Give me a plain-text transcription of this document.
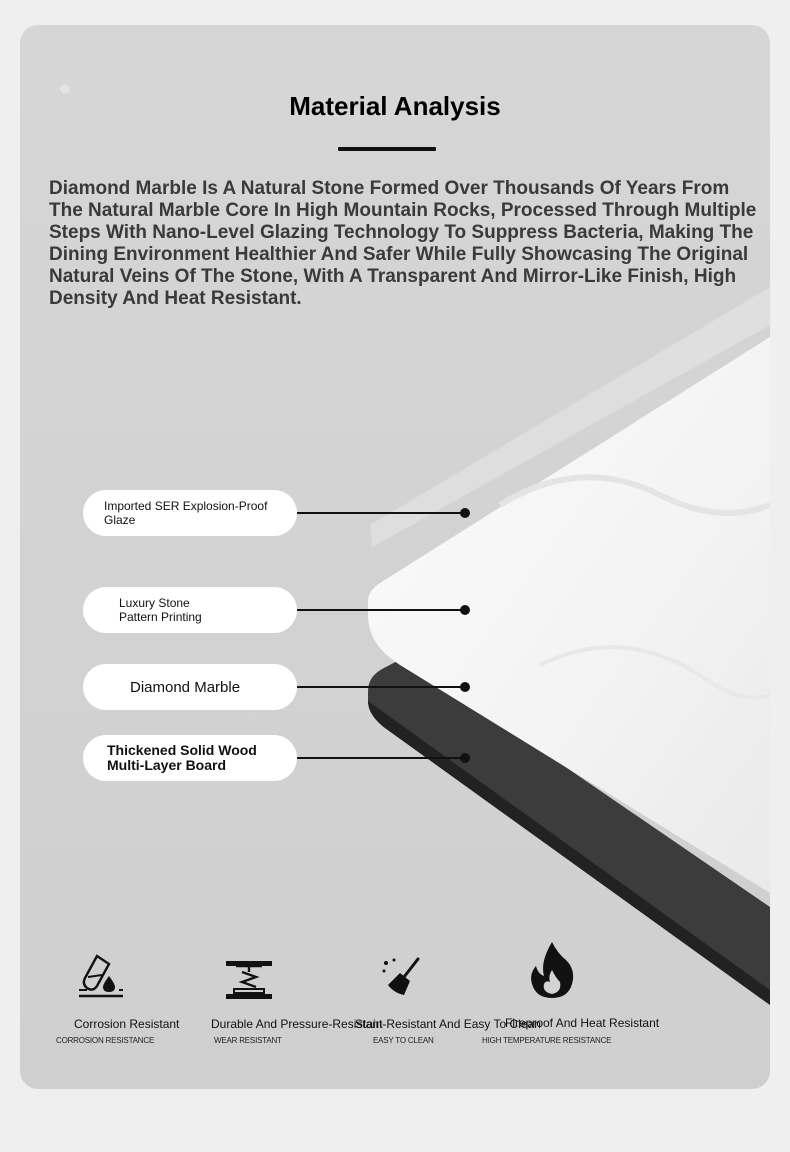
●
Material Analysis

Diamond Marble Is A Natural Stone Formed Over Thousands Of Years From The Natural Marble Core In High Mountain Rocks, Processed Through Multiple Steps With Nano-Level Glazing Technology To Suppress Bacteria, Making The Dining Environment Healthier And Safer While Fully Showcasing The Original Natural Veins Of The Stone, With A Transparent And Mirror-Like Finish, High Density And Heat Resistant.

Imported SER Explosion-Proof Glaze
Luxury Stone Pattern Printing
Diamond Marble
Thickened Solid Wood Multi-Layer Board
Corrosion Resistant
CORROSION RESISTANCE
Durable And Pressure-Resistant
WEAR RESISTANT
Stain-Resistant And Easy To Clean
EASY TO CLEAN
Fireproof And Heat Resistant
HIGH TEMPERATURE RESISTANCE
